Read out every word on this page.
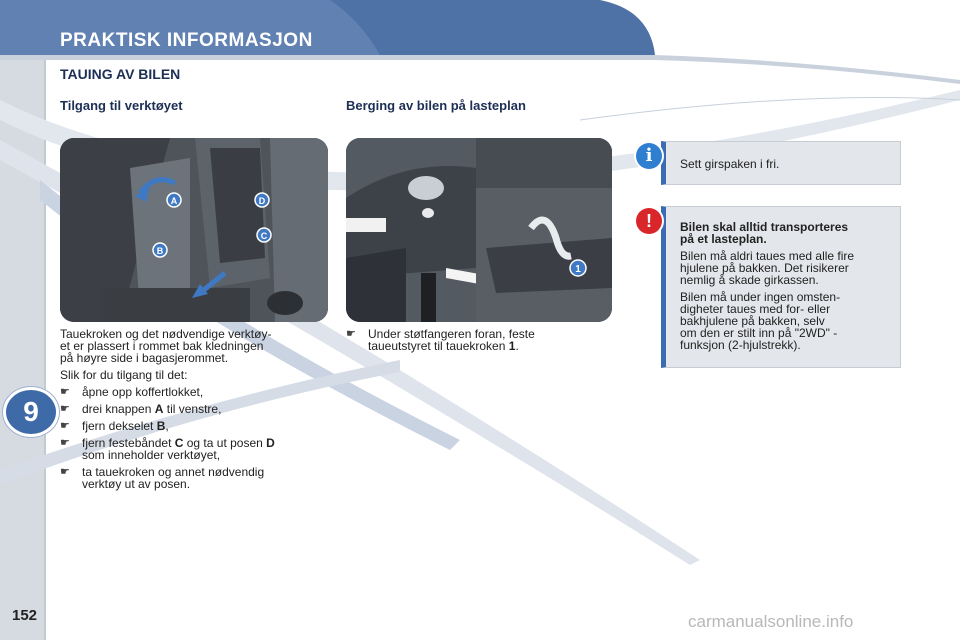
PRAKTISK INFORMASJON
TAUING AV BILEN
Tilgang til verktøyet	Berging av bilen på lasteplan
A
B
C
D
1

Tauekroken og det nødvendige verktøy-
et er plassert i rommet bak kledningen
på høyre side i bagasjerommet.

Slik for du tilgang til det:

☛	åpne opp koffertlokket,
☛	drei knappen A til venstre,
☛	fjern dekselet B,
☛	fjern festebåndet C og ta ut posen D
som inneholder verktøyet,
☛	ta tauekroken og annet nødvendig
verktøy ut av posen.
☛	Under støtfangeren foran, feste
taueutstyret til tauekroken 1.
Sett girspaken i fri.
i

Bilen skal alltid transporteres
på et lasteplan.

Bilen må aldri taues med alle fire
hjulene på bakken. Det risikerer
nemlig å skade girkassen.

Bilen må under ingen omsten-
digheter taues med for- eller
bakhjulene på bakken, selv
om den er stilt inn på "2WD" -
funksjon (2-hjulstrekk).

!
9
152	carmanualsonline.info
